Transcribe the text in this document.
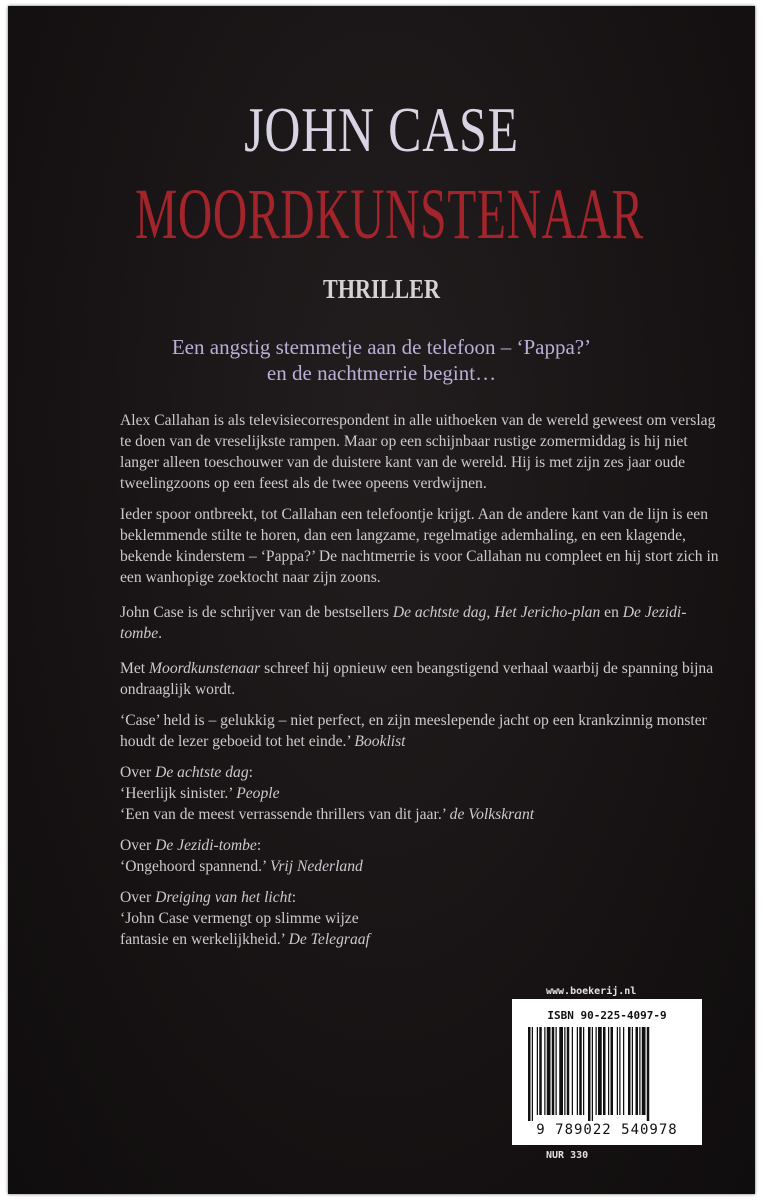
JOHN CASE
MOORDKUNSTENAAR
THRILLER
Een angstig stemmetje aan de telefoon – ‘Pappa?’
en de nachtmerrie begint…

Alex Callahan is als televisiecorrespondent in alle uithoeken van de wereld geweest om verslag te doen van de vreselijkste rampen. Maar op een schijnbaar rustige zomermiddag is hij niet langer alleen toeschouwer van de duistere kant van de wereld. Hij is met zijn zes jaar oude tweelingzoons op een feest als de twee opeens verdwijnen.

Ieder spoor ontbreekt, tot Callahan een telefoontje krijgt. Aan de andere kant van de lijn is een beklemmende stilte te horen, dan een langzame, regelmatige ademhaling, en een klagende, bekende kinderstem – ‘Pappa?’ De nachtmerrie is voor Callahan nu compleet en hij stort zich in een wanhopige zoektocht naar zijn zoons.

John Case is de schrijver van de bestsellers De achtste dag, Het Jericho-plan en De Jezidi-tombe.

Met Moordkunstenaar schreef hij opnieuw een beangstigend verhaal waarbij de spanning bijna ondraaglijk wordt.

‘Case’ held is – gelukkig – niet perfect, en zijn meeslepende jacht op een krankzinnig monster houdt de lezer geboeid tot het einde.’ Booklist

Over De achtste dag:
‘Heerlijk sinister.’ People
‘Een van de meest verrassende thrillers van dit jaar.’ de Volkskrant

Over De Jezidi-tombe:
‘Ongehoord spannend.’ Vrij Nederland

Over Dreiging van het licht:
‘John Case vermengt op slimme wijze
fantasie en werkelijkheid.’ De Telegraaf

www.boekerij.nl
ISBN 90-225-4097-9
9 789022 540978
NUR 330
